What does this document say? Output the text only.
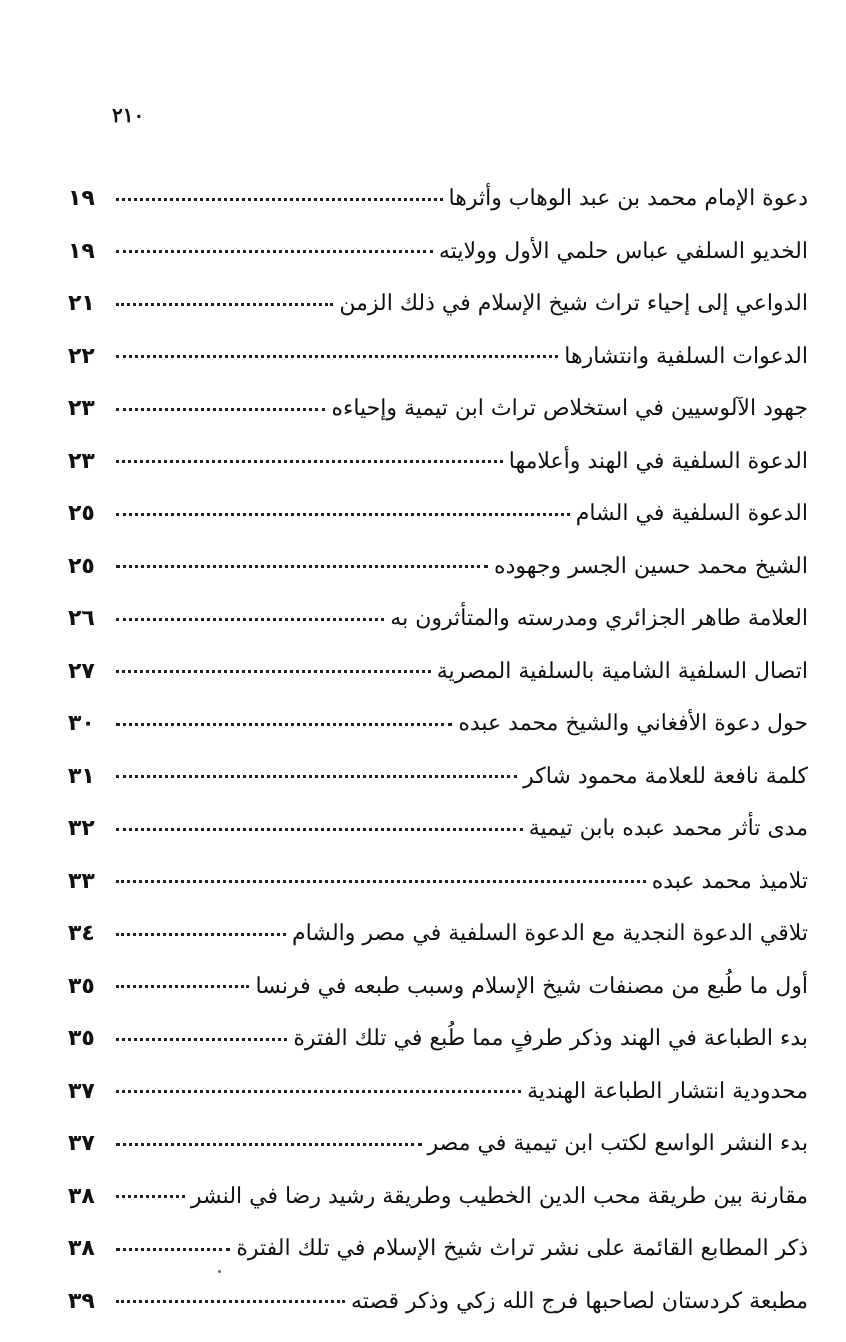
٢١٠
دعوة الإمام محمد بن عبد الوهاب وأثرها
١٩
الخديو السلفي عباس حلمي الأول وولايته
١٩
الدواعي إلى إحياء تراث شيخ الإسلام في ذلك الزمن
٢١
الدعوات السلفية وانتشارها
٢٢
جهود الآلوسيين في استخلاص تراث ابن تيمية وإحياءه
٢٣
الدعوة السلفية في الهند وأعلامها
٢٣
الدعوة السلفية في الشام
٢٥
الشيخ محمد حسين الجسر وجهوده
٢٥
العلامة طاهر الجزائري ومدرسته والمتأثرون به
٢٦
اتصال السلفية الشامية بالسلفية المصرية
٢٧
حول دعوة الأفغاني والشيخ محمد عبده
٣٠
كلمة نافعة للعلامة محمود شاكر
٣١
مدى تأثر محمد عبده بابن تيمية
٣٢
تلاميذ محمد عبده
٣٣
تلاقي الدعوة النجدية مع الدعوة السلفية في مصر والشام
٣٤
أول ما طُبع من مصنفات شيخ الإسلام وسبب طبعه في فرنسا
٣٥
بدء الطباعة في الهند وذكر طرفٍ مما طُبع في تلك الفترة
٣٥
محدودية انتشار الطباعة الهندية
٣٧
بدء النشر الواسع لكتب ابن تيمية في مصر
٣٧
مقارنة بين طريقة محب الدين الخطيب وطريقة رشيد رضا في النشر
٣٨
ذكر المطابع القائمة على نشر تراث شيخ الإسلام في تلك الفترة
٣٨
مطبعة كردستان لصاحبها فرج الله زكي وذكر قصته
٣٩
